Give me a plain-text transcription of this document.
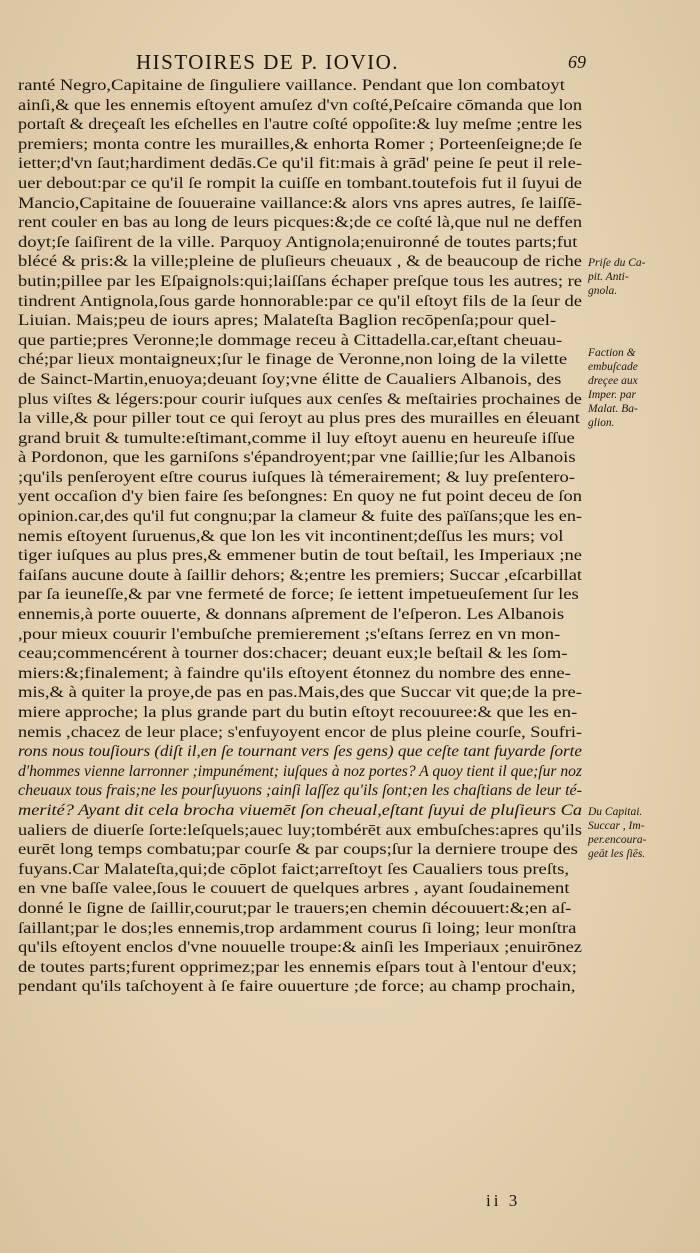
HISTOIRES DE P. IOVIO.	69
ranté Negro,Capitaine de ſinguliere vaillance. Pendant que lon combatoyt
ainſi,& que les ennemis eſtoyent amuſez d'vn coſté,Peſcaire cōmanda que lon
portaſt & dreçeaſt les eſchelles en l'autre coſté oppoſite:& luy meſme ;entre les
premiers; monta contre les murailles,& enhorta Romer ; Porteenſeigne;de ſe
ietter;d'vn ſaut;hardiment dedās.Ce qu'il fit:mais à grād' peine ſe peut il rele-
uer debout:par ce qu'il ſe rompit la cuiſſe en tombant.toutefois fut il ſuyui de
Mancio,Capitaine de ſouueraine vaillance:& alors vns apres autres, ſe laiſſē-
rent couler en bas au long de leurs picques:&;de ce coſté là,que nul ne deffen
doyt;ſe ſaiſirent de la ville. Parquoy Antignola;enuironné de toutes parts;fut
blécé & pris:& la ville;pleine de pluſieurs cheuaux , & de beaucoup de riche
butin;pillee par les Eſpaignols:qui;laiſſans échaper preſque tous les autres; re
tindrent Antignola,ſous garde honnorable:par ce qu'il eſtoyt fils de la ſeur de
Liuian. Mais;peu de iours apres; Malateſta Baglion recōpenſa;pour quel-
que partie;pres Veronne;le dommage receu à Cittadella.car,eſtant cheuau-
ché;par lieux montaigneux;ſur le finage de Veronne,non loing de la vilette
de Sainct-Martin,enuoya;deuant ſoy;vne élitte de Caualiers Albanois, des
plus viſtes & légers:pour courir iuſques aux cenſes & meſtairies prochaines de
la ville,& pour piller tout ce qui ſeroyt au plus pres des murailles en éleuant
grand bruit & tumulte:eſtimant,comme il luy eſtoyt auenu en heureuſe iſſue
à Pordonon, que les garniſons s'épandroyent;par vne ſaillie;ſur les Albanois
;qu'ils penſeroyent eſtre courus iuſques là témerairement; & luy preſentero-
yent occaſion d'y bien faire ſes beſongnes: En quoy ne fut point deceu de ſon
opinion.car,des qu'il fut congnu;par la clameur & fuite des païſans;que les en-
nemis eſtoyent ſuruenus,& que lon les vit incontinent;deſſus les murs; vol
tiger iuſques au plus pres,& emmener butin de tout beſtail, les Imperiaux ;ne
faiſans aucune doute à ſaillir dehors; &;entre les premiers; Succar ,eſcarbillat
par ſa ieuneſſe,& par vne fermeté de force; ſe iettent impetueuſement ſur les
ennemis,à porte ouuerte, & donnans aſprement de l'eſperon. Les Albanois
,pour mieux couurir l'embuſche premierement ;s'eſtans ſerrez en vn mon-
ceau;commencérent à tourner dos:chacer; deuant eux;le beſtail & les ſom-
miers:&;finalement; à faindre qu'ils eſtoyent étonnez du nombre des enne-
mis,& à quiter la proye,de pas en pas.Mais,des que Succar vit que;de la pre-
miere approche; la plus grande part du butin eſtoyt recouuree:& que les en-
nemis ,chacez de leur place; s'enfuyoyent encor de plus pleine courſe, Soufri-
rons nous touſiours (diſt il,en ſe tournant vers ſes gens) que ceſte tant fuyarde ſorte
d'hommes vienne larronner ;impunément; iuſques à noz portes? A quoy tient il que;ſur noz
cheuaux tous frais;ne les pourſuyuons ;ainſi laſſez qu'ils ſont;en les chaſtians de leur té-
merité? Ayant dit cela brocha viuemēt ſon cheual,eſtant ſuyui de pluſieurs Ca
ualiers de diuerſe ſorte:leſquels;auec luy;tombérēt aux embuſches:apres qu'ils
eurēt long temps combatu;par courſe & par coups;ſur la derniere troupe des
fuyans.Car Malateſta,qui;de cōplot faict;arreſtoyt ſes Caualiers tous preſts,
en vne baſſe valee,ſous le couuert de quelques arbres , ayant ſoudainement
donné le ſigne de ſaillir,courut;par le trauers;en chemin découuert:&;en aſ-
ſaillant;par le dos;les ennemis,trop ardamment courus ſi loing; leur monſtra
qu'ils eſtoyent enclos d'vne nouuelle troupe:& ainſi les Imperiaux ;enuirōnez
de toutes parts;furent opprimez;par les ennemis eſpars tout à l'entour d'eux;
pendant qu'ils taſchoyent à ſe faire ouuerture ;de force; au champ prochain,
Priſe du Ca-
pit. Anti-
gnola.
Faction &
embuſcade
dreçee aux
Imper. par
Malat. Ba-
glion.
Du Capitai.
Succar , Im-
per.encoura-
geāt les ſiēs.
ii 3
